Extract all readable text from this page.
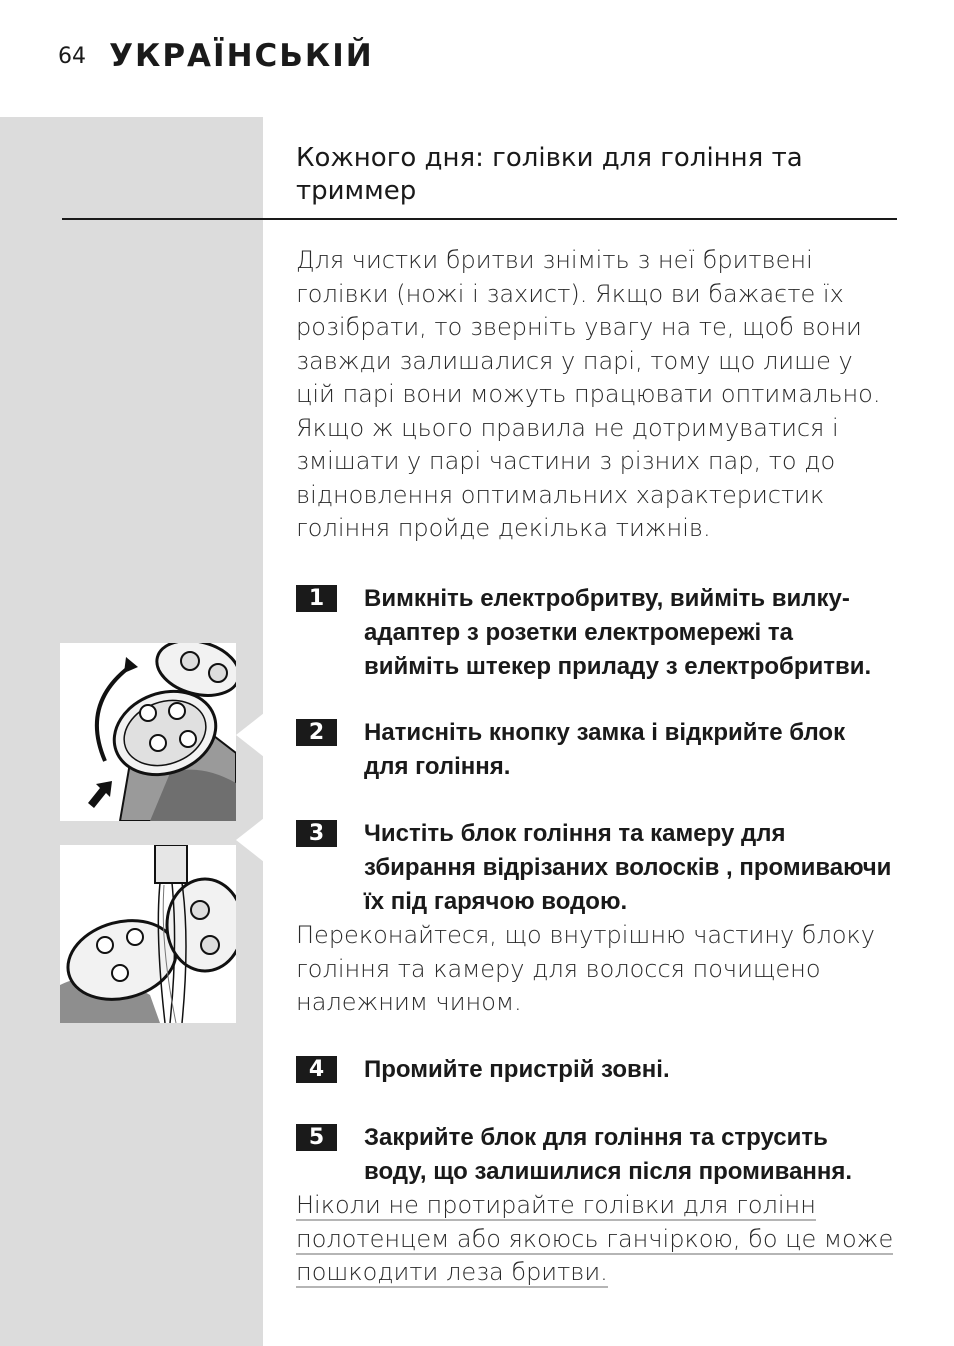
64 УКРАЇНСЬКІЙ
Кожного дня: голівки для гоління та триммер
Для чистки бритви зніміть з неї бритвені голівки (ножі і захист). Якщо ви бажаєте їх розібрати, то зверніть увагу на те, щоб вони завжди залишалися у парі, тому що лише у цій парі вони можуть працювати оптимально. Якщо ж цього правила не дотримуватися і змішати у парі частини з різних пар, то до відновлення оптимальних характеристик гоління пройде декілька тижнів.
1	Вимкніть електробритву, вийміть вилку-адаптер з розетки електромережі та вийміть штекер приладу з електробритви.
2	Натисніть кнопку замка і відкрийте блок для гоління.
3	Чистіть блок гоління та камеру для збирання відрізаних волосків , промиваючи їх під гарячою водою.
Переконайтеся, що внутрішню частину блоку гоління та камеру для волосся почищено належним чином.
4	Промийте пристрій зовні.
5	Закрийте блок для гоління та струсить воду, що залишилися після промивання.
Ніколи не протирайте голівки для голінн
полотенцем або якоюсь ганчіркою, бо це може
пошкодити леза бритви.
